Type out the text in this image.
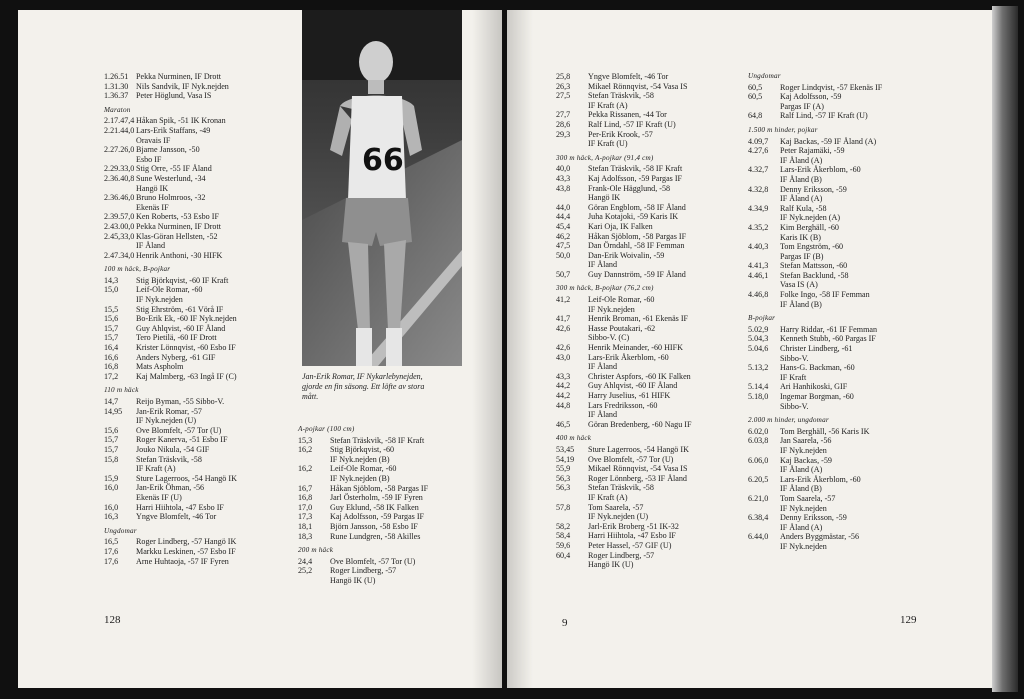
1.26.51 Pekka Nurminen, IF Drott
1.31.30 Nils Sandvik, IF Nyk.nejden
1.36.37 Peter Höglund, Vasa IS
Maraton
2.17.47,4 Håkan Spik, -51 IK Kronan
2.21.44,0 Lars-Erik Staffans, -49
Oravais IF
2.27.26,0 Bjarne Jansson, -50
Esbo IF
2.29.33,0 Stig Orre, -55 IF Åland
2.36.40,8 Sune Westerlund, -34
Hangö IK
2.36.46,0 Bruno Holmroos, -32
Ekenäs IF
2.39.57,0 Ken Roberts, -53 Esbo IF
2.43.00,0 Pekka Nurminen, IF Drott
2.45,33,0 Klas-Göran Hellsten, -52
IF Åland
2.47.34,0 Henrik Anthoni, -30 HIFK
100 m häck, B-pojkar
14,3	Stig Björkqvist, -60 IF Kraft
15,0	Leif-Ole Romar, -60
IF Nyk.nejden
15,5	Stig Ehrström, -61 Vörå IF
15,6	Bo-Erik Ek, -60 IF Nyk.nejden
15,7	Guy Ahlqvist, -60 IF Åland
15,7	Tero Pietilä, -60 IF Drott
16,4	Krister Lönnqvist, -60 Esbo IF
16,6	Anders Nyberg, -61 GIF
16,8	Mats Aspholm
17,2	Kaj Malmberg, -63 Ingå IF (C)
110 m häck
14,7	Reijo Byman, -55 Sibbo-V.
14,95	Jan-Erik Romar, -57
IF Nyk.nejden (U)
15,6	Ove Blomfelt, -57 Tor (U)
15,7	Roger Kanerva, -51 Esbo IF
15,7	Jouko Nikula, -54 GIF
15,8	Stefan Träskvik, -58
IF Kraft (A)
15,9	Sture Lagerroos, -54 Hangö IK
16,0	Jan-Erik Öhman, -56
Ekenäs IF (U)
16,0	Harri Hiihtola, -47 Esbo IF
16,3	Yngve Blomfelt, -46 Tor
Ungdomar
16,5	Roger Lindberg, -57 Hangö IK
17,6	Markku Leskinen, -57 Esbo IF
17,6	Arne Huhtaoja, -57 IF Fyren
66
Jan-Erik Romar, IF Nykarlebynejden,
gjorde en fin säsong. Ett löfte av stora
mått.
A-pojkar (100 cm)
15,3	Stefan Träskvik, -58 IF Kraft
16,2	Stig Björkqvist, -60
IF Nyk.nejden (B)
16,2	Leif-Ole Romar, -60
IF Nyk.nejden (B)
16,7	Håkan Sjöblom, -58 Pargas IF
16,8	Jarl Österholm, -59 IF Fyren
17,0	Guy Eklund, -58 IK Falken
17,3	Kaj Adolfsson, -59 Pargas IF
18,1	Björn Jansson, -58 Esbo IF
18,3	Rune Lundgren, -58 Akilles
200 m häck
24,4	Ove Blomfelt, -57 Tor (U)
25,2	Roger Lindberg, -57
Hangö IK (U)
25,8	Yngve Blomfelt, -46 Tor
26,3	Mikael Rönnqvist, -54 Vasa IS
27,5	Stefan Träskvik, -58
IF Kraft (A)
27,7	Pekka Rissanen, -44 Tor
28,6	Ralf Lind, -57 IF Kraft (U)
29,3	Per-Erik Krook, -57
IF Kraft (U)
300 m häck, A-pojkar (91,4 cm)
40,0	Stefan Träskvik, -58 IF Kraft
43,3	Kaj Adolfsson, -59 Pargas IF
43,8	Frank-Ole Hägglund, -58
Hangö IK
44,0	Göran Engblom, -58 IF Åland
44,4	Juha Kotajoki, -59 Karis IK
45,4	Kari Oja, IK Falken
46,2	Håkan Sjöblom, -58 Pargas IF
47,5	Dan Örndahl, -58 IF Femman
50,0	Dan-Erik Woivalin, -59
IF Åland
50,7	Guy Dannström, -59 IF Åland
300 m häck, B-pojkar (76,2 cm)
41,2	Leif-Ole Romar, -60
IF Nyk.nejden
41,7	Henrik Broman, -61 Ekenäs IF
42,6	Hasse Poutakari, -62
Sibbo-V. (C)
42,6	Henrik Meinander, -60 HIFK
43,0	Lars-Erik Åkerblom, -60
IF Åland
43,3	Christer Aspfors, -60 IK Falken
44,2	Guy Ahlqvist, -60 IF Åland
44,2	Harry Juselius, -61 HIFK
44,8	Lars Fredriksson, -60
IF Åland
46,5	Göran Bredenberg, -60 Nagu IF
400 m häck
53,45	Sture Lagerroos, -54 Hangö IK
54,19	Ove Blomfelt, -57 Tor (U)
55,9	Mikael Rönnqvist, -54 Vasa IS
56,3	Roger Lönnberg, -53 IF Åland
56,3	Stefan Träskvik, -58
IF Kraft (A)
57,8	Tom Saarela, -57
IF Nyk.nejden (U)
58,2	Jarl-Erik Broberg -51 IK-32
58,4	Harri Hiihtola, -47 Esbo IF
59,6	Peter Hassel, -57 GIF (U)
60,4	Roger Lindberg, -57
Hangö IK (U)
Ungdomar
60,5	Roger Lindqvist, -57 Ekenäs IF
60,5	Kaj Adolfsson, -59
Pargas IF (A)
64,8	Ralf Lind, -57 IF Kraft (U)
1.500 m hinder, pojkar
4.09,7	Kaj Backas, -59 IF Åland (A)
4.27,6	Peter Rajamäki, -59
IF Åland (A)
4.32,7	Lars-Erik Åkerblom, -60
IF Åland (B)
4.32,8	Denny Eriksson, -59
IF Åland (A)
4.34,9	Ralf Kula, -58
IF Nyk.nejden (A)
4.35,2	Kim Berghäll, -60
Karis IK (B)
4.40,3	Tom Engström, -60
Pargas IF (B)
4.41,3	Stefan Mattsson, -60
4.46,1	Stefan Backlund, -58
Vasa IS (A)
4.46,8	Folke Ingo, -58 IF Femman
IF Åland (B)
B-pojkar
5.02,9	Harry Riddar, -61 IF Femman
5.04,3	Kenneth Stubb, -60 Pargas IF
5.04,6	Christer Lindberg, -61
Sibbo-V.
5.13,2	Hans-G. Backman, -60
IF Kraft
5.14,4	Ari Hanhikoski, GIF
5.18,0	Ingemar Borgman, -60
Sibbo-V.
2.000 m hinder, ungdomar
6.02,0	Tom Berghäll, -56 Karis IK
6.03,8	Jan Saarela, -56
IF Nyk.nejden
6.06,0	Kaj Backas, -59
IF Åland (A)
6.20,5	Lars-Erik Åkerblom, -60
IF Åland (B)
6.21,0	Tom Saarela, -57
IF Nyk.nejden
6.38,4	Denny Eriksson, -59
IF Åland (A)
6.44,0	Anders Byggmästar, -56
IF Nyk.nejden
128	9	129
